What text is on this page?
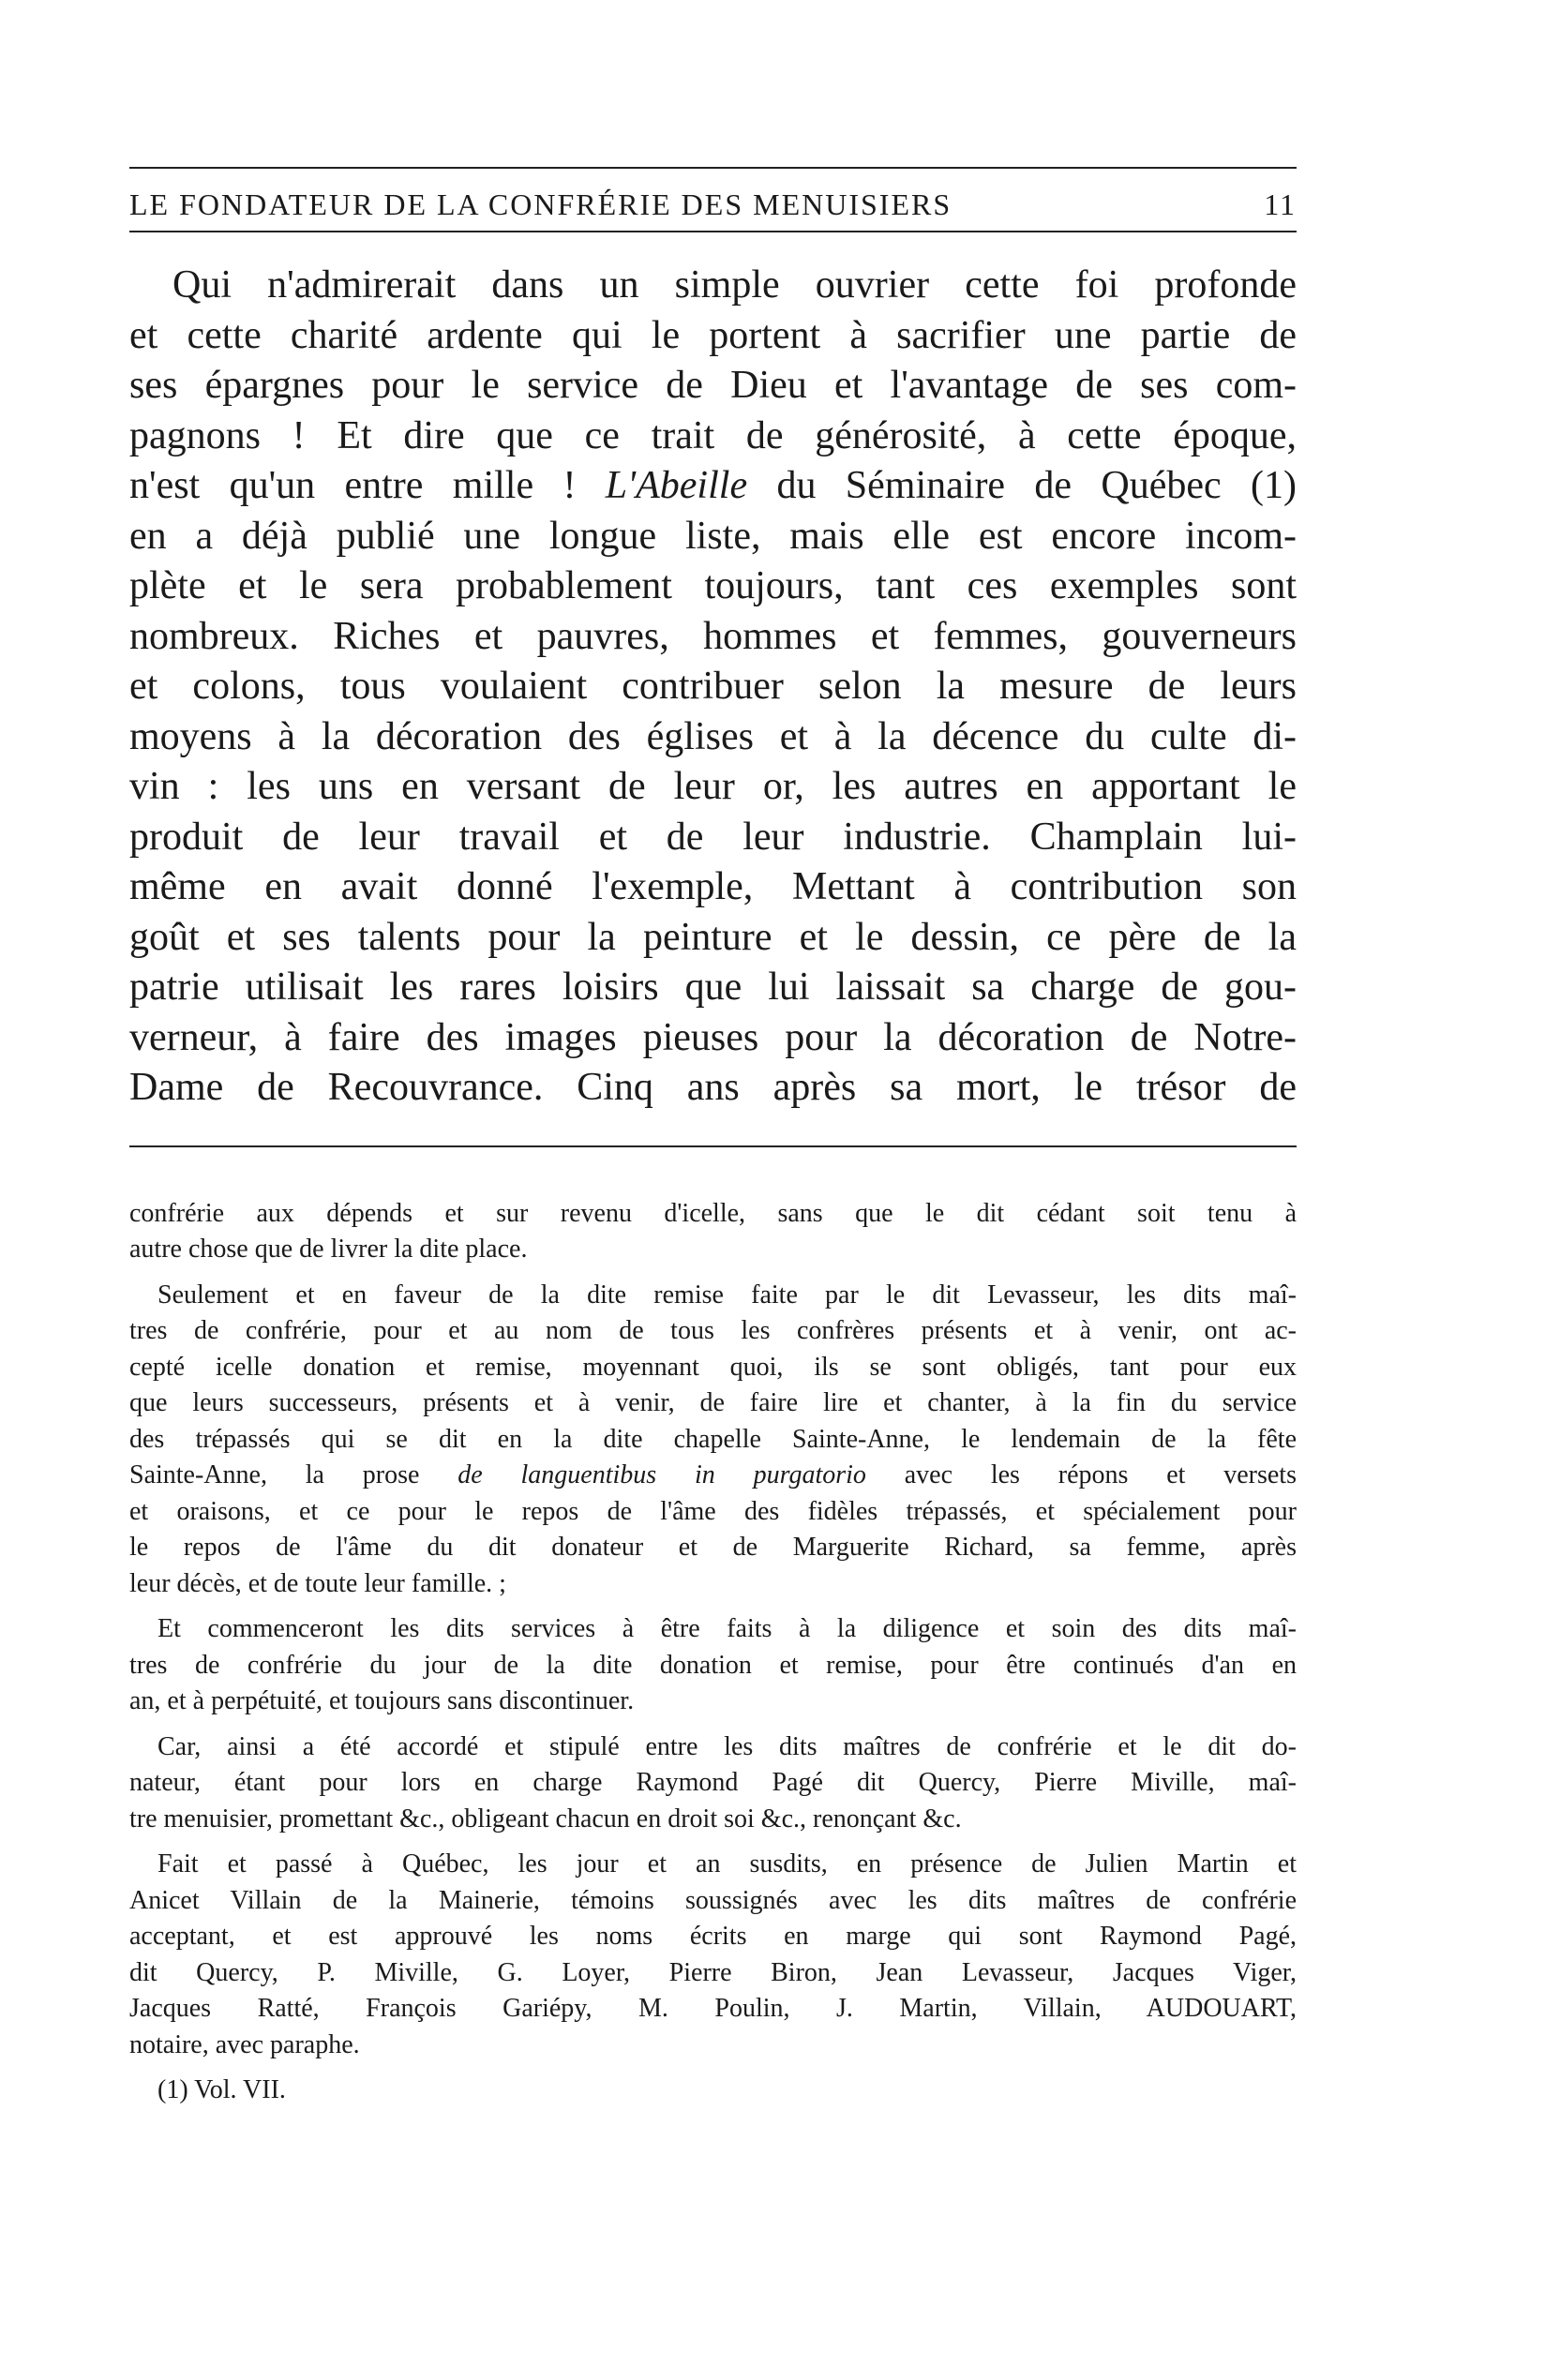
LE FONDATEUR DE LA CONFRÉRIE DES MENUISIERS	11
Qui n'admirerait dans un simple ouvrier cette foi profonde
et cette charité ardente qui le portent à sacrifier une partie de
ses épargnes pour le service de Dieu et l'avantage de ses com-
pagnons ! Et dire que ce trait de générosité, à cette époque,
n'est qu'un entre mille ! L'Abeille du Séminaire de Québec (1)
en a déjà publié une longue liste, mais elle est encore incom-
plète et le sera probablement toujours, tant ces exemples sont
nombreux. Riches et pauvres, hommes et femmes, gouverneurs
et colons, tous voulaient contribuer selon la mesure de leurs
moyens à la décoration des églises et à la décence du culte di-
vin : les uns en versant de leur or, les autres en apportant le
produit de leur travail et de leur industrie. Champlain lui-
même en avait donné l'exemple, Mettant à contribution son
goût et ses talents pour la peinture et le dessin, ce père de la
patrie utilisait les rares loisirs que lui laissait sa charge de gou-
verneur, à faire des images pieuses pour la décoration de Notre-
Dame de Recouvrance. Cinq ans après sa mort, le trésor de
confrérie aux dépends et sur revenu d'icelle, sans que le dit cédant soit tenu à
autre chose que de livrer la dite place.
Seulement et en faveur de la dite remise faite par le dit Levasseur, les dits maî-
tres de confrérie, pour et au nom de tous les confrères présents et à venir, ont ac-
cepté icelle donation et remise, moyennant quoi, ils se sont obligés, tant pour eux
que leurs successeurs, présents et à venir, de faire lire et chanter, à la fin du service
des trépassés qui se dit en la dite chapelle Sainte-Anne, le lendemain de la fête
Sainte-Anne, la prose de languentibus in purgatorio avec les répons et versets
et oraisons, et ce pour le repos de l'âme des fidèles trépassés, et spécialement pour
le repos de l'âme du dit donateur et de Marguerite Richard, sa femme, après
leur décès, et de toute leur famille. ;
Et commenceront les dits services à être faits à la diligence et soin des dits maî-
tres de confrérie du jour de la dite donation et remise, pour être continués d'an en
an, et à perpétuité, et toujours sans discontinuer.
Car, ainsi a été accordé et stipulé entre les dits maîtres de confrérie et le dit do-
nateur, étant pour lors en charge Raymond Pagé dit Quercy, Pierre Miville, maî-
tre menuisier, promettant &c., obligeant chacun en droit soi &c., renonçant &c.
Fait et passé à Québec, les jour et an susdits, en présence de Julien Martin et
Anicet Villain de la Mainerie, témoins soussignés avec les dits maîtres de confrérie
acceptant, et est approuvé les noms écrits en marge qui sont Raymond Pagé,
dit Quercy, P. Miville, G. Loyer, Pierre Biron, Jean Levasseur, Jacques Viger,
Jacques Ratté, François Gariépy, M. Poulin, J. Martin, Villain, AUDOUART,
notaire, avec paraphe.
(1) Vol. VII.
